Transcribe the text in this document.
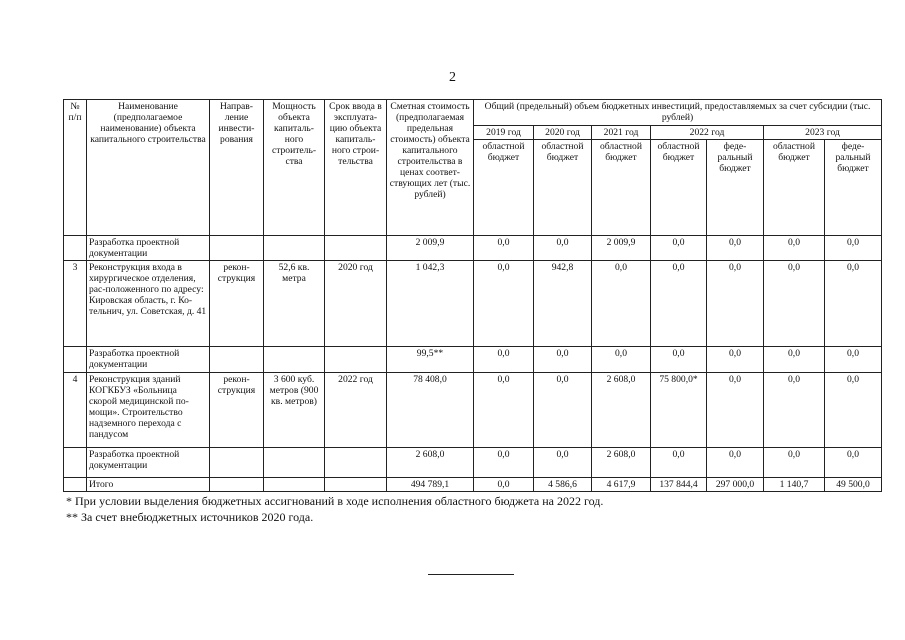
2
№ п/п	Наименование (предполагаемое наименование) объекта капитального строительства	Направ-ление инвести-рования	Мощность объекта капиталь-ного строитель-ства	Срок ввода в эксплуата-цию объекта капиталь-ного строи-тельства	Сметная стоимость (предполагаемая предельная стоимость) объекта капитального строительства в ценах соответ-ствующих лет (тыс. рублей)	Общий (предельный) объем бюджетных инвестиций, предоставляемых за счет субсидии (тыс. рублей)						
						2019 год	2020 год	2021 год	2022 год		2023 год	
						областной бюджет	областной бюджет	областной бюджет	областной бюджет	феде-ральный бюджет	областной бюджет	феде-ральный бюджет
	Разработка проектной документации				2 009,9	0,0	0,0	2 009,9	0,0	0,0	0,0	0,0
3	Реконструкция входа в хирургическое отделения, рас-положенного по адресу: Кировская область, г. Ко-тельнич, ул. Советская, д. 41	рекон-струкция	52,6 кв. метра	2020 год	1 042,3	0,0	942,8	0,0	0,0	0,0	0,0	0,0
	Разработка проектной документации				99,5**	0,0	0,0	0,0	0,0	0,0	0,0	0,0
4	Реконструкция зданий КОГКБУЗ «Больница скорой медицинской по-мощи». Строительство надземного перехода с пандусом	рекон-струкция	3 600 куб. метров (900 кв. метров)	2022 год	78 408,0	0,0	0,0	2 608,0	75 800,0*	0,0	0,0	0,0
	Разработка проектной документации				2 608,0	0,0	0,0	2 608,0	0,0	0,0	0,0	0,0
	Итого				494 789,1	0,0	4 586,6	4 617,9	137 844,4	297 000,0	1 140,7	49 500,0
* При условии выделения бюджетных ассигнований в ходе исполнения областного бюджета на 2022 год.
** За счет внебюджетных источников 2020 года.
